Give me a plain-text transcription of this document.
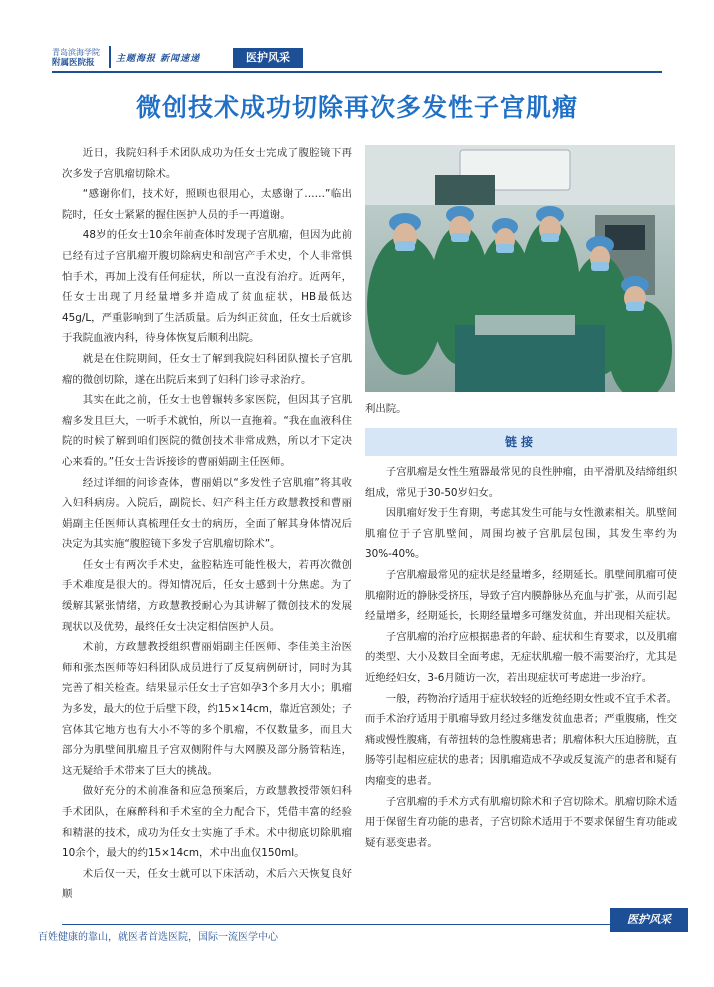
青岛滨海学院
附属医院报	主题海报 新闻速递	医护风采
微创技术成功切除再次多发性子宫肌瘤

近日，我院妇科手术团队成功为任女士完成了腹腔镜下再次多发子宫肌瘤切除术。

“感谢你们，技术好，照顾也很用心，太感谢了……”临出院时，任女士紧紧的握住医护人员的手一再道谢。

48岁的任女士10余年前查体时发现子宫肌瘤，但因为此前已经有过子宫肌瘤开腹切除病史和剖宫产手术史，个人非常惧怕手术，再加上没有任何症状，所以一直没有治疗。近两年，任女士出现了月经量增多并造成了贫血症状，HB最低达45g/L，严重影响到了生活质量。后为纠正贫血，任女士后就诊于我院血液内科，待身体恢复后顺利出院。

就是在住院期间，任女士了解到我院妇科团队擅长子宫肌瘤的微创切除，遂在出院后来到了妇科门诊寻求治疗。

其实在此之前，任女士也曾辗转多家医院，但因其子宫肌瘤多发且巨大，一听手术就怕，所以一直拖着。“我在血液科住院的时候了解到咱们医院的微创技术非常成熟，所以才下定决心来看的。”任女士告诉接诊的曹丽娟副主任医师。

经过详细的问诊查体，曹丽娟以“多发性子宫肌瘤”将其收入妇科病房。入院后，副院长、妇产科主任方政慧教授和曹丽娟副主任医师认真梳理任女士的病历，全面了解其身体情况后决定为其实施“腹腔镜下多发子宫肌瘤切除术”。

任女士有两次手术史，盆腔粘连可能性极大，若再次微创手术难度是很大的。得知情况后，任女士感到十分焦虑。为了缓解其紧张情绪，方政慧教授耐心为其讲解了微创技术的发展现状以及优势，最终任女士决定相信医护人员。

术前，方政慧教授组织曹丽娟副主任医师、李佳美主治医师和张杰医师等妇科团队成员进行了反复病例研讨，同时为其完善了相关检查。结果显示任女士子宫如孕3个多月大小；肌瘤为多发，最大的位于后壁下段，约15×14cm，靠近宫颈处；子宫体其它地方也有大小不等的多个肌瘤，不仅数量多，而且大部分为肌壁间肌瘤且子宫双侧附件与大网膜及部分肠管粘连，这无疑给手术带来了巨大的挑战。

做好充分的术前准备和应急预案后，方政慧教授带领妇科手术团队，在麻醉科和手术室的全力配合下，凭借丰富的经验和精湛的技术，成功为任女士实施了手术。术中彻底切除肌瘤10余个，最大的约15×14cm，术中出血仅150ml。

术后仅一天，任女士就可以下床活动，术后六天恢复良好顺

利出院。
链接

子宫肌瘤是女性生殖器最常见的良性肿瘤，由平滑肌及结缔组织组成，常见于30-50岁妇女。

因肌瘤好发于生育期，考虑其发生可能与女性激素相关。肌壁间肌瘤位于子宫肌壁间，周围均被子宫肌层包围，其发生率约为30%-40%。

子宫肌瘤最常见的症状是经量增多，经期延长。肌壁间肌瘤可使肌瘤附近的静脉受挤压，导致子宫内膜静脉丛充血与扩张，从而引起经量增多，经期延长，长期经量增多可继发贫血，并出现相关症状。

子宫肌瘤的治疗应根据患者的年龄、症状和生育要求，以及肌瘤的类型、大小及数目全面考虑，无症状肌瘤一般不需要治疗，尤其是近绝经妇女，3-6月随访一次，若出现症状可考虑进一步治疗。

一般，药物治疗适用于症状较轻的近绝经期女性或不宜手术者。而手术治疗适用于肌瘤导致月经过多继发贫血患者；严重腹痛，性交痛或慢性腹痛，有蒂扭转的急性腹痛患者；肌瘤体积大压迫膀胱，直肠等引起相应症状的患者；因肌瘤造成不孕或反复流产的患者和疑有肉瘤变的患者。

子宫肌瘤的手术方式有肌瘤切除术和子宫切除术。肌瘤切除术适用于保留生育功能的患者，子宫切除术适用于不要求保留生育功能或疑有恶变患者。

百姓健康的靠山，就医者首选医院，国际一流医学中心
医护风采
